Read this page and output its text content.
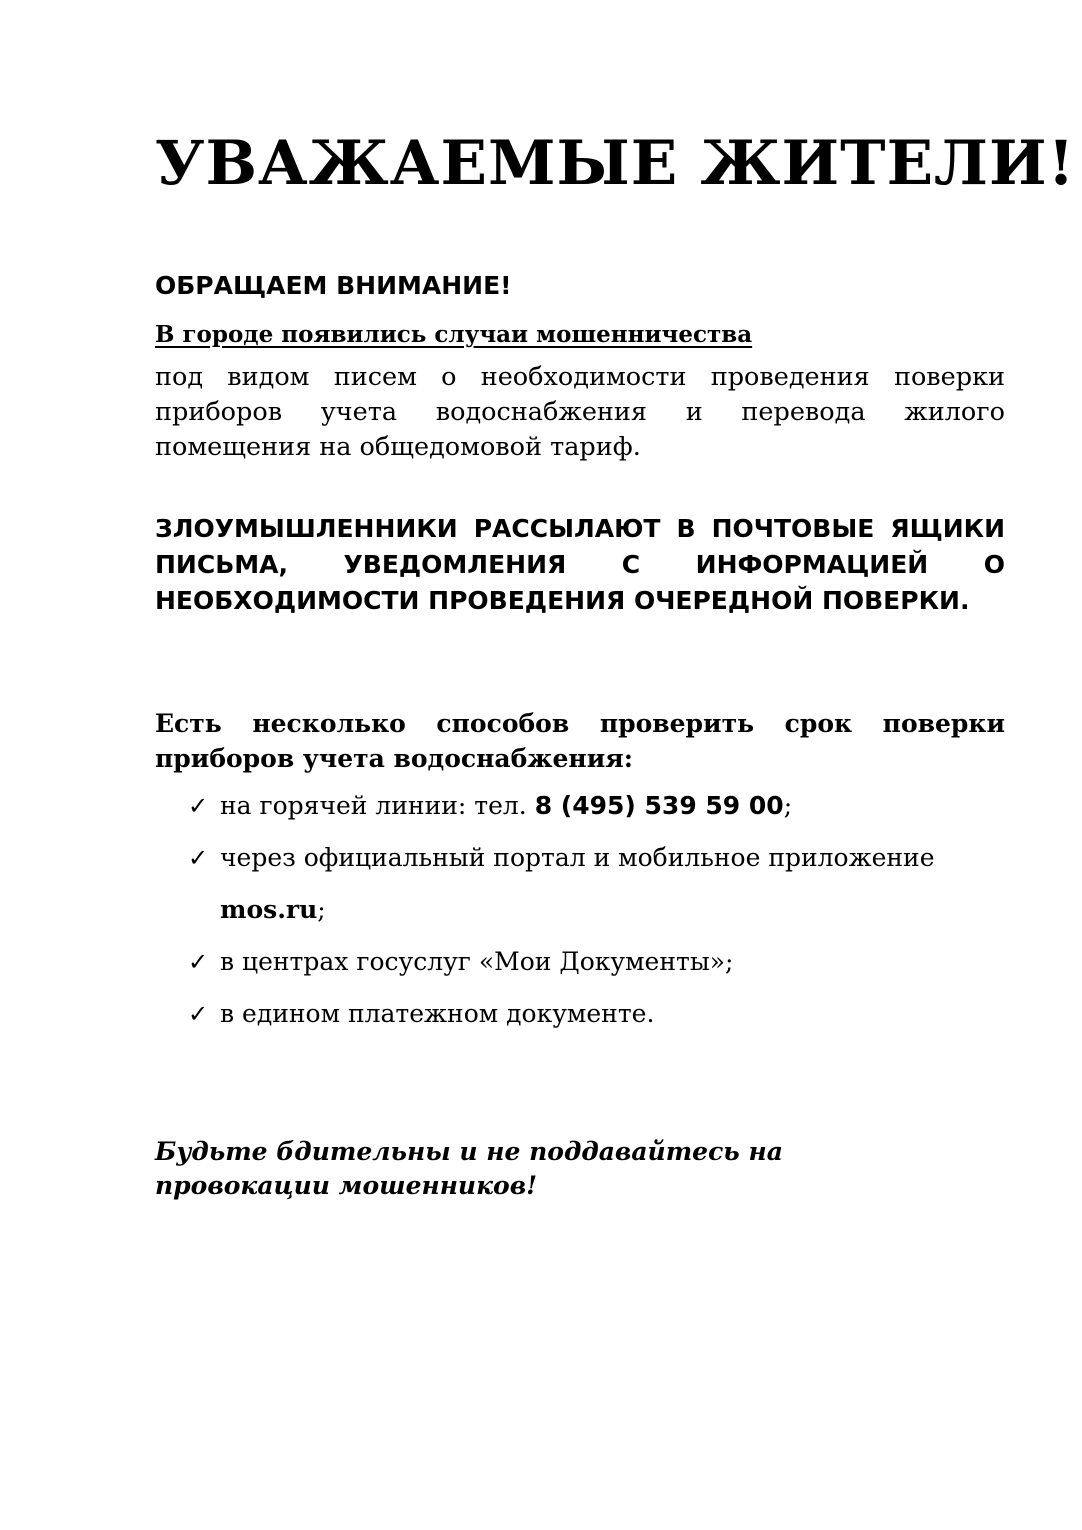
УВАЖАЕМЫЕ ЖИТЕЛИ!
ОБРАЩАЕМ ВНИМАНИЕ!

В городе появились случаи мошенничества

под видом писем о необходимости проведения поверки приборов учета водоснабжения и перевода жилого помещения на общедомовой тариф.

ЗЛОУМЫШЛЕННИКИ РАССЫЛАЮТ В ПОЧТОВЫЕ ЯЩИКИ ПИСЬМА, УВЕДОМЛЕНИЯ С ИНФОРМАЦИЕЙ О НЕОБХОДИМОСТИ ПРОВЕДЕНИЯ ОЧЕРЕДНОЙ ПОВЕРКИ.

Есть несколько способов проверить срок поверки приборов учета водоснабжения:

✓ на горячей линии: тел. 8 (495) 539 59 00;
✓ через официальный портал и мобильное приложение
mos.ru;
✓ в центрах госуслуг «Мои Документы»;
✓ в едином платежном документе.

Будьте бдительны и не поддавайтесь на
провокации мошенников!
